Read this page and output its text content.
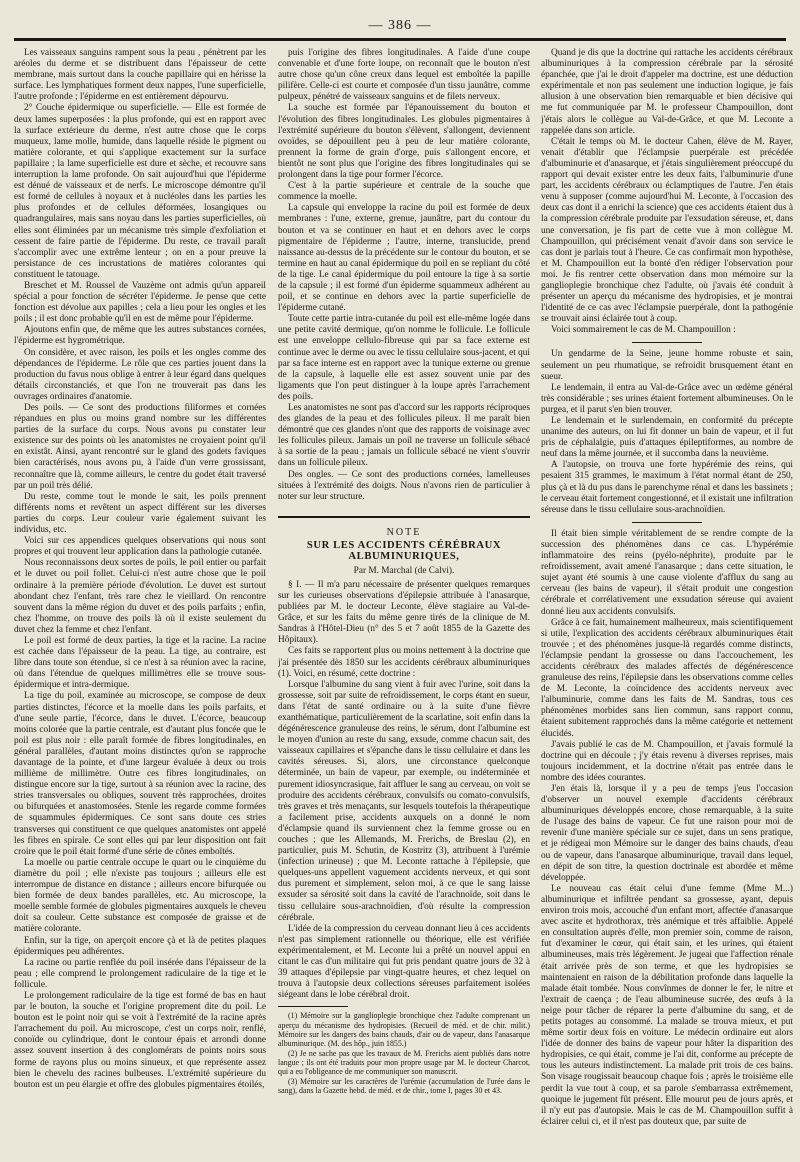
— 386 —

Les vaisseaux sanguins rampent sous la peau , pénètrent par les aréoles du derme et se distribuent dans l'épaisseur de cette membrane, mais surtout dans la couche papillaire qui en hérisse la surface. Les lymphatiques forment deux nappes, l'une superficielle, l'autre profonde ; l'épiderme en est entièrement dépourvu.

2° Couche épidermique ou superficielle. — Elle est formée de deux lames superposées : la plus profonde, qui est en rapport avec la surface extérieure du derme, n'est autre chose que le corps muqueux, lame molle, humide, dans laquelle réside le pigment ou matière colorante, et qui s'applique exactement sur la surface papillaire ; la lame superficielle est dure et sèche, et recouvre sans interruption la lame profonde. On sait aujourd'hui que l'épiderme est dénué de vaisseaux et de nerfs. Le microscope démontre qu'il est formé de cellules à noyaux et à nucléoles dans les parties les plus profondes et de cellules déformées, losangiques ou quadrangulaires, mais sans noyau dans les parties superficielles, où elles sont éliminées par un mécanisme très simple d'exfoliation et cessent de faire partie de l'épiderme. Du reste, ce travail paraît s'accomplir avec une extrême lenteur ; on en a pour preuve la persistance de ces incrustations de matières colorantes qui constituent le tatouage.

Breschet et M. Roussel de Vauzème ont admis qu'un appareil spécial a pour fonction de sécréter l'épiderme. Je pense que cette fonction est dévolue aux papilles ; cela a lieu pour les ongles et les poils ; il est donc probable qu'il en est de même pour l'épiderme.

Ajoutons enfin que, de même que les autres substances cornées, l'épiderme est hygrométrique.

On considère, et avec raison, les poils et les ongles comme des dépendances de l'épiderme. Le rôle que ces parties jouent dans la production du favus nous oblige à entrer à leur égard dans quelques détails circonstanciés, et que l'on ne trouverait pas dans les ouvrages ordinaires d'anatomie.

Des poils. — Ce sont des productions filiformes et cornées répandues en plus ou moins grand nombre sur les différentes parties de la surface du corps. Nous avons pu constater leur existence sur des points où les anatomistes ne croyaient point qu'il en existât. Ainsi, ayant rencontré sur le gland des godets faviques bien caractérisés, nous avons pu, à l'aide d'un verre grossissant, reconnaître que là, comme ailleurs, le centre du godet était traversé par un poil très délié.

Du reste, comme tout le monde le sait, les poils prennent différents noms et revêtent un aspect différent sur les diverses parties du corps. Leur couleur varie également suivant les individus, etc.

Voici sur ces appendices quelques observations qui nous sont propres et qui trouvent leur application dans la pathologie cutanée.

Nous reconnaissons deux sortes de poils, le poil entier ou parfait et le duvet ou poil follet. Celui-ci n'est autre chose que le poil ordinaire à la première période d'évolution. Le duvet est surtout abondant chez l'enfant, très rare chez le vieillard. On rencontre souvent dans la même région du duvet et des poils parfaits ; enfin, chez l'homme, on trouve des poils là où il existe seulement du duvet chez la femme et chez l'enfant.

Le poil est formé de deux parties, la tige et la racine. La racine est cachée dans l'épaisseur de la peau. La tige, au contraire, est libre dans toute son étendue, si ce n'est à sa réunion avec la racine, où dans l'étendue de quelques millimètres elle se trouve sous-épidermique et intra-dermique.

La tige du poil, examinée au microscope, se compose de deux parties distinctes, l'écorce et la moelle dans les poils parfaits, et d'une seule partie, l'écorce, dans le duvet. L'écorce, beaucoup moins colorée que la partie centrale, est d'autant plus foncée que le poil est plus noir : elle paraît formée de fibres longitudinales, en général parallèles, d'autant moins distinctes qu'on se rapproche davantage de la pointe, et d'une largeur évaluée à deux ou trois millième de millimètre. Outre ces fibres longitudinales, on distingue encore sur la tige, surtout à sa réunion avec la racine, des stries transversales ou obliques, souvent très rapprochées, droites ou bifurquées et anastomosées. Stenle les regarde comme formées de squammules épidermiques. Ce sont sans doute ces stries transverses qui constituent ce que quelques anatomistes ont appelé les fibres en spirale. Ce sont elles qui par leur disposition ont fait croire que le poil était formé d'une série de cônes emboîtés.

La moelle ou partie centrale occupe le quart ou le cinquième du diamètre du poil ; elle n'existe pas toujours ; ailleurs elle est interrompue de distance en distance ; ailleurs encore bifurquée ou bien formée de deux bandes parallèles, etc. Au microscope, la moelle semble formée de globules pigmentaires auxquels le cheveu doit sa couleur. Cette substance est composée de graisse et de matière colorante.

Enfin, sur la tige, on aperçoit encore çà et là de petites plaques épidermiques peu adhérentes.

La racine ou partie renflée du poil insérée dans l'épaisseur de la peau ; elle comprend le prolongement radiculaire de la tige et le follicule.

Le prolongement radiculaire de la tige est formé de bas en haut par le bouton, la souche et l'origine proprement dite du poil. Le bouton est le point noir qui se voit à l'extrémité de la racine après l'arrachement du poil. Au microscope, c'est un corps noir, renflé, conoïde ou cylindrique, dont le contour épais et arrondi donne assez souvent insertion à des conglomérats de points noirs sous forme de rayons plus ou moins sinueux, et que représente assez bien le chevelu des racines bulbeuses. L'extrémité supérieure du bouton est un peu élargie et offre des globules pigmentaires étoilés,

puis l'origine des fibres longitudinales. A l'aide d'une coupe convenable et d'une forte loupe, on reconnaît que le bouton n'est autre chose qu'un cône creux dans lequel est emboîtée la papille pilifère. Celle-ci est courte et composée d'un tissu jaunâtre, comme pulpeux, pénétré de vaisseaux sanguins et de filets nerveux.

La souche est formée par l'épanouissement du bouton et l'évolution des fibres longitudinales. Les globules pigmentaires à l'extrémité supérieure du bouton s'élèvent, s'allongent, deviennent ovoïdes, se dépouillent peu à peu de leur matière colorante, prennent la forme de grain d'orge, puis s'allongent encore, et bientôt ne sont plus que l'origine des fibres longitudinales qui se prolongent dans la tige pour former l'écorce.

C'est à la partie supérieure et centrale de la souche que commence la moelle.

La capsule qui enveloppe la racine du poil est formée de deux membranes : l'une, externe, grenue, jaunâtre, part du contour du bouton et va se continuer en haut et en dehors avec le corps pigmentaire de l'épiderme ; l'autre, interne, translucide, prend naissance au-dessus de la précédente sur le contour du bouton, et se termine en haut au canal épidermique du poil en se repliant du côté de la tige. Le canal épidermique du poil entoure la tige à sa sortie de la capsule ; il est formé d'un épiderme squammeux adhérent au poil, et se continue en dehors avec la partie superficielle de l'épiderme cutané.

Toute cette partie intra-cutanée du poil est elle-même logée dans une petite cavité dermique, qu'on nomme le follicule. Le follicule est une enveloppe cellulo-fibreuse qui par sa face externe est continue avec le derme ou avec le tissu cellulaire sous-jacent, et qui par sa face interne est en rapport avec la tunique externe ou grenue de la capsule, à laquelle elle est assez souvent unie par des ligaments que l'on peut distinguer à la loupe après l'arrachement des poils.

Les anatomistes ne sont pas d'accord sur les rapports réciproques des glandes de la peau et des follicules pileux. Il me paraît bien démontré que ces glandes n'ont que des rapports de voisinage avec les follicules pileux. Jamais un poil ne traverse un follicule sébacé à sa sortie de la peau ; jamais un follicule sébacé ne vient s'ouvrir dans un follicule pileux.

Des ongles. — Ce sont des productions cornées, lamelleuses situées à l'extrémité des doigts. Nous n'avons rien de particulier à noter sur leur structure.

NOTE
SUR LES ACCIDENTS CÉRÉBRAUX ALBUMINURIQUES,
Par M. Marchal (de Calvi).

§ I. — Il m'a paru nécessaire de présenter quelques remarques sur les curieuses observations d'épilepsie attribuée à l'anasarque, publiées par M. le docteur Leconte, élève stagiaire au Val-de-Grâce, et sur les faits du même genre tirés de la clinique de M. Sandras à l'Hôtel-Dieu (n° des 5 et 7 août 1855 de la Gazette des Hôpitaux).

Ces faits se rapportent plus ou moins nettement à la doctrine que j'ai présentée dès 1850 sur les accidents cérébraux albuminuriques (1). Voici, en résumé, cette doctrine :

Lorsque l'albumine du sang vient à fuir avec l'urine, soit dans la grossesse, soit par suite de refroidissement, le corps étant en sueur, dans l'état de santé ordinaire ou à la suite d'une fièvre exanthématique, particulièrement de la scarlatine, soit enfin dans la dégénérescence granuleuse des reins, le sérum, dont l'albumine est le moyen d'union au reste du sang, exsude, comme chacun sait, des vaisseaux capillaires et s'épanche dans le tissu cellulaire et dans les cavités séreuses. Si, alors, une circonstance quelconque déterminée, un bain de vapeur, par exemple, ou indéterminée et purement idiosyncrasique, fait affluer le sang au cerveau, on voit se produire des accidents cérébraux, convulsifs ou comato-convulsifs, très graves et très menaçants, sur lesquels toutefois la thérapeutique a facilement prise, accidents auxquels on a donné le nom d'éclampsie quand ils surviennent chez la femme grosse ou en couches ; que les Allemands, M. Frerichs, de Breslau (2), en particulier, puis M. Schutin, de Kostritz (3), attribuent à l'urémie (infection urineuse) ; que M. Leconte rattache à l'épilepsie, que quelques-uns appellent vaguement accidents nerveux, et qui sont dus purement et simplement, selon moi, à ce que le sang laisse exsuder sa sérosité soit dans la cavité de l'arachnoïde, soit dans le tissu cellulaire sous-arachnoïdien, d'où résulte la compression cérébrale.

L'idée de la compression du cerveau donnant lieu à ces accidents n'est pas simplement rationnelle ou théorique, elle est vérifiée expérimentalement, et M. Leconte lui a prêté un nouvel appui en citant le cas d'un militaire qui fut pris pendant quatre jours de 32 à 39 attaques d'épilepsie par vingt-quatre heures, et chez lequel on trouva à l'autopsie deux collections séreuses parfaitement isolées siégeant dans le lobe cérébral droit.

(1) Mémoire sur la ganglioplegie bronchique chez l'adulte comprenant un aperçu du mécanisme des hydropisies. (Recueil de méd. et de chir. milit.) Mémoire sur les dangers des bains chauds, d'air ou de vapeur, dans l'anasarque albuminurique. (M. des hôp., juin 1855.)

(2) Je ne sache pas que les travaux de M. Frerichs aient publiés dans notre langue ; ils ont été traduits pour mon propre usage par M. le docteur Charcot, qui a eu l'obligeance de me communiquer son manuscrit.

(3) Mémoire sur les caractères de l'urémie (accumulation de l'urée dans le sang), dans la Gazette hebd. de méd. et de chir., tome I, pages 30 et 43.

Quand je dis que la doctrine qui rattache les accidents cérébraux albuminuriques à la compression cérébrale par la sérosité épanchée, que j'ai le droit d'appeler ma doctrine, est une déduction expérimentale et non pas seulement une induction logique, je fais allusion à une observation bien remarquable et bien décisive qui me fut communiquée par M. le professeur Champouillon, dont j'étais alors le collègue au Val-de-Grâce, et que M. Leconte a rappelée dans son article.

C'était le temps où M. le docteur Cahen, élève de M. Rayer, venait d'établir que l'éclampsie puerpérale est précédée d'albuminurie et d'anasarque, et j'étais singulièrement préoccupé du rapport qui devait exister entre les deux faits, l'albuminurie d'une part, les accidents cérébraux ou éclamptiques de l'autre. J'en étais venu à supposer (comme aujourd'hui M. Leconte, à l'occasion des deux cas dont il a enrichi la science) que ces accidents étaient dus à la compression cérébrale produite par l'exsudation séreuse, et, dans une conversation, je fis part de cette vue à mon collègue M. Champouillon, qui précisément venait d'avoir dans son service le cas dont je parlais tout à l'heure. Ce cas confirmait mon hypothèse, et M. Champouillon eut la bonté d'en rédiger l'observation pour moi. Je fis rentrer cette observation dans mon mémoire sur la ganglioplegie bronchique chez l'adulte, où j'avais été conduit à présenter un aperçu du mécanisme des hydropisies, et je montrai l'identité de ce cas avec l'éclampsie puerpérale, dont la pathogénie se trouvait ainsi éclairée tout à coup.

Voici sommairement le cas de M. Champouillon :

Un gendarme de la Seine, jeune homme robuste et sain, seulement un peu rhumatique, se refroidit brusquement étant en sueur.

Le lendemain, il entra au Val-de-Grâce avec un œdème général très considérable ; ses urines étaient fortement albumineuses. On le purgea, et il parut s'en bien trouver.

Le lendemain et le surlendemain, en conformité du précepte unanime des auteurs, on lui fit donner un bain de vapeur, et il fut pris de céphalalgie, puis d'attaques épileptiformes, au nombre de neuf dans la même journée, et il succomba dans la neuvième.

A l'autopsie, on trouva une forte hypérémie des reins, qui pesaient 315 grammes, le maximum à l'état normal étant de 250, plus çà et là du pus dans le parenchyme rénal et dans les bassinets ; le cerveau était fortement congestionné, et il existait une infiltration séreuse dans le tissu cellulaire sous-arachnoïdien.

Il était bien simple véritablement de se rendre compte de la succession des phénomènes dans ce cas. L'hypérémie inflammatoire des reins (pyélo-néphrite), produite par le refroidissement, avait amené l'anasarque ; dans cette situation, le sujet ayant été soumis à une cause violente d'afflux du sang au cerveau (les bains de vapeur), il s'était produit une congestion cérébrale et corrélativement une exsudation séreuse qui avaient donné lieu aux accidents convulsifs.

Grâce à ce fait, humainement malheureux, mais scientifiquement si utile, l'explication des accidents cérébraux albuminuriques était trouvée ; et des phénomènes jusque-là regardés comme distincts, l'éclampsie pendant la grossesse ou dans l'accouchement, les accidents cérébraux des malades affectés de dégénérescence granuleuse des reins, l'épilepsie dans les observations comme celles de M. Leconte, la coïncidence des accidents nerveux avec l'albuminurie, comme dans les faits de M. Sandras, tous ces phénomènes morbides sans lien commun, sans rapport connu, étaient subitement rapprochés dans la même catégorie et nettement élucidés.

J'avais publié le cas de M. Champouillon, et j'avais formulé la doctrine qui en découle ; j'y étais revenu à diverses reprises, mais toujours incidemment, et la doctrine n'était pas entrée dans le nombre des idées courantes.

J'en étais là, lorsque il y a peu de temps j'eus l'occasion d'observer un nouvel exemple d'accidents cérébraux albuminuriques développés encore, chose remarquable, à la suite de l'usage des bains de vapeur. Ce fut une raison pour moi de revenir d'une manière spéciale sur ce sujet, dans un sens pratique, et je rédigeai mon Mémoire sur le danger des bains chauds, d'eau ou de vapeur, dans l'anasarque albuminurique, travail dans lequel, en dépit de son titre, la question doctrinale est abordée et même développée.

Le nouveau cas était celui d'une femme (Mme M...) albuminurique et infiltrée pendant sa grossesse, ayant, depuis environ trois mois, accouché d'un enfant mort, affectée d'anasarque avec ascite et hydrothorax, très anémique et très affaiblie. Appelé en consultation auprès d'elle, mon premier soin, comme de raison, fut d'examiner le cœur, qui était sain, et les urines, qui étaient albumineuses, mais très légèrement. Je jugeai que l'affection rénale était arrivée près de son terme, et que les hydropisies se maintenaient en raison de la débilitation profonde dans laquelle la malade était tombée. Nous convînmes de donner le fer, le nitre et l'extrait de caença ; de l'eau albumineuse sucrée, des œufs à la neige pour tâcher de réparer la perte d'albumine du sang, et de petits potages au consommé. La malade se trouva mieux, et put même sortir deux fois en voiture. Le médecin ordinaire eut alors l'idée de donner des bains de vapeur pour hâter la disparition des hydropisies, ce qui était, comme je l'ai dit, conforme au précepte de tous les auteurs indistinctement. La malade prit trois de ces bains. Son visage rougissait beaucoup chaque fois ; après le troisième elle perdit la vue tout à coup, et sa parole s'embarrassa extrêmement, quoique le jugement fût présent. Elle mourut peu de jours après, et il n'y eut pas d'autopsie. Mais le cas de M. Champouillon suffit à éclairer celui ci, et il n'est pas douteux que, par suite de
